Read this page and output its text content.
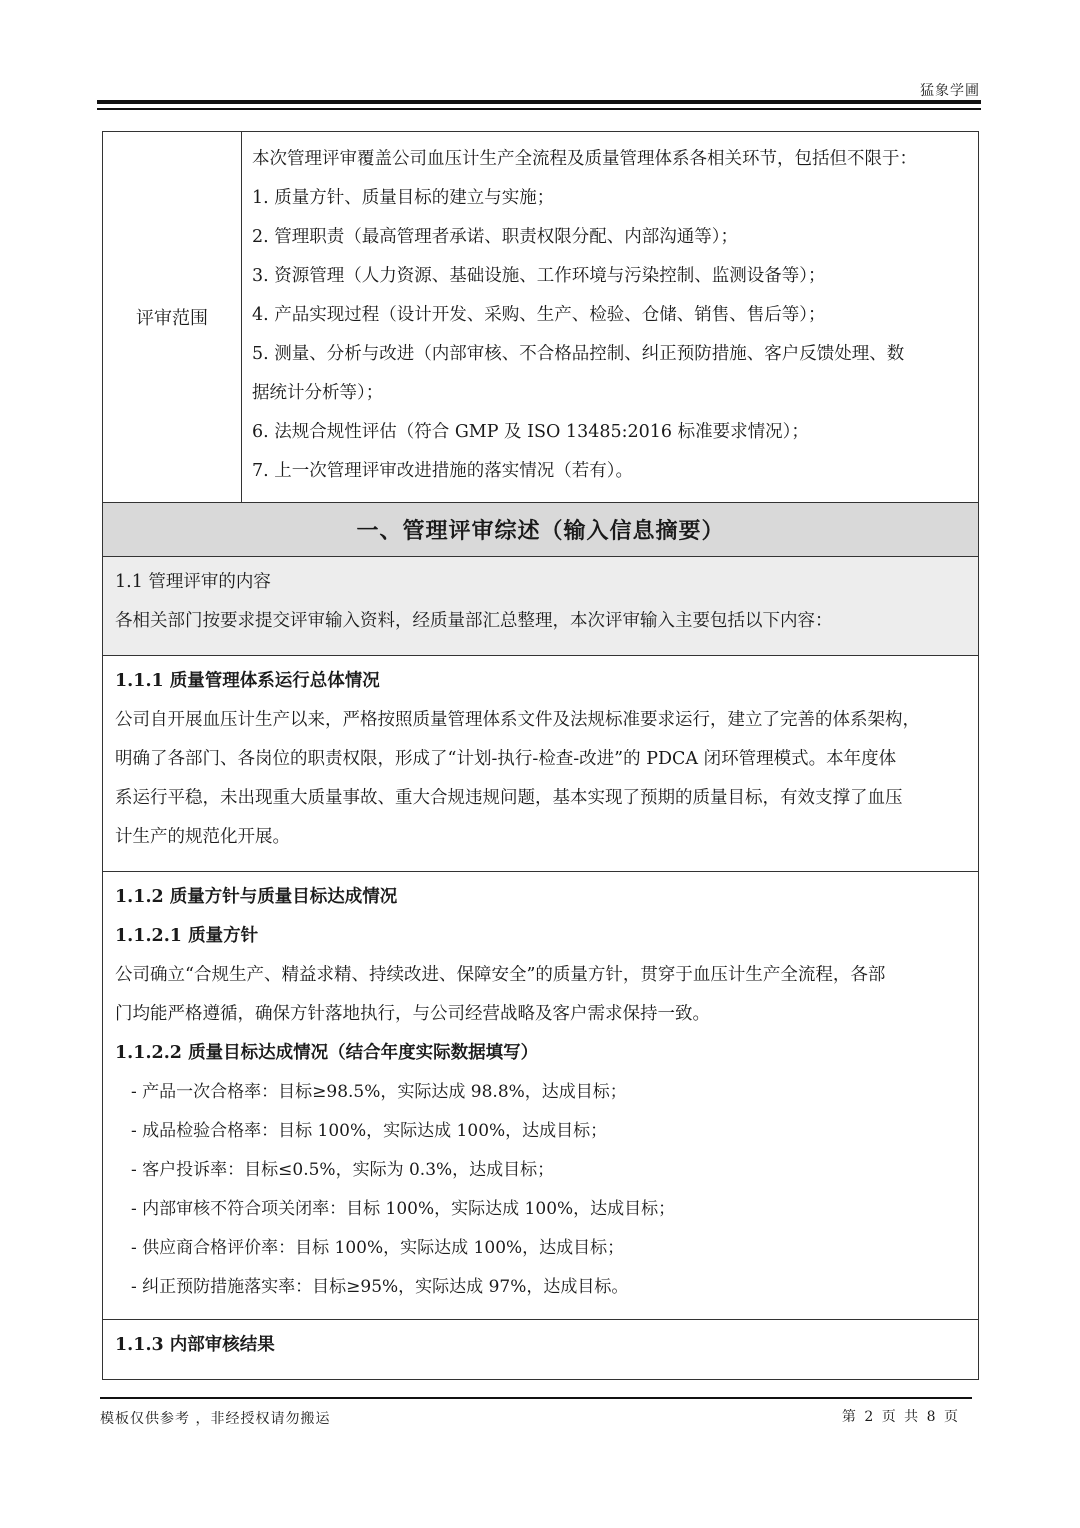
猛象学圃
评审范围	
本次管理评审覆盖公司血压计生产全流程及质量管理体系各相关环节，包括但不限于：
1. 质量方针、质量目标的建立与实施；
2. 管理职责（最高管理者承诺、职责权限分配、内部沟通等）；
3. 资源管理（人力资源、基础设施、工作环境与污染控制、监测设备等）；
4. 产品实现过程（设计开发、采购、生产、检验、仓储、销售、售后等）；
5. 测量、分析与改进（内部审核、不合格品控制、纠正预防措施、客户反馈处理、数
据统计分析等）；
6. 法规合规性评估（符合 GMP 及 ISO 13485:2016 标准要求情况）；
7. 上一次管理评审改进措施的落实情况（若有）。

一、管理评审综述（输入信息摘要）

1.1 管理评审的内容
各相关部门按要求提交评审输入资料，经质量部汇总整理，本次评审输入主要包括以下内容：

1.1.1 质量管理体系运行总体情况
公司自开展血压计生产以来，严格按照质量管理体系文件及法规标准要求运行，建立了完善的体系架构，
明确了各部门、各岗位的职责权限，形成了“计划-执行-检查-改进”的 PDCA 闭环管理模式。本年度体
系运行平稳，未出现重大质量事故、重大合规违规问题，基本实现了预期的质量目标，有效支撑了血压
计生产的规范化开展。

1.1.2 质量方针与质量目标达成情况
1.1.2.1 质量方针
公司确立“合规生产、精益求精、持续改进、保障安全”的质量方针，贯穿于血压计生产全流程，各部
门均能严格遵循，确保方针落地执行，与公司经营战略及客户需求保持一致。
1.1.2.2 质量目标达成情况（结合年度实际数据填写）
- 产品一次合格率：目标≥98.5%，实际达成 98.8%，达成目标；
- 成品检验合格率：目标 100%，实际达成 100%，达成目标；
- 客户投诉率：目标≤0.5%，实际为 0.3%，达成目标；
- 内部审核不符合项关闭率：目标 100%，实际达成 100%，达成目标；
- 供应商合格评价率：目标 100%，实际达成 100%，达成目标；
- 纠正预防措施落实率：目标≥95%，实际达成 97%，达成目标。

1.1.3 内部审核结果
模板仅供参考 ，非经授权请勿搬运	第 2 页 共 8 页
